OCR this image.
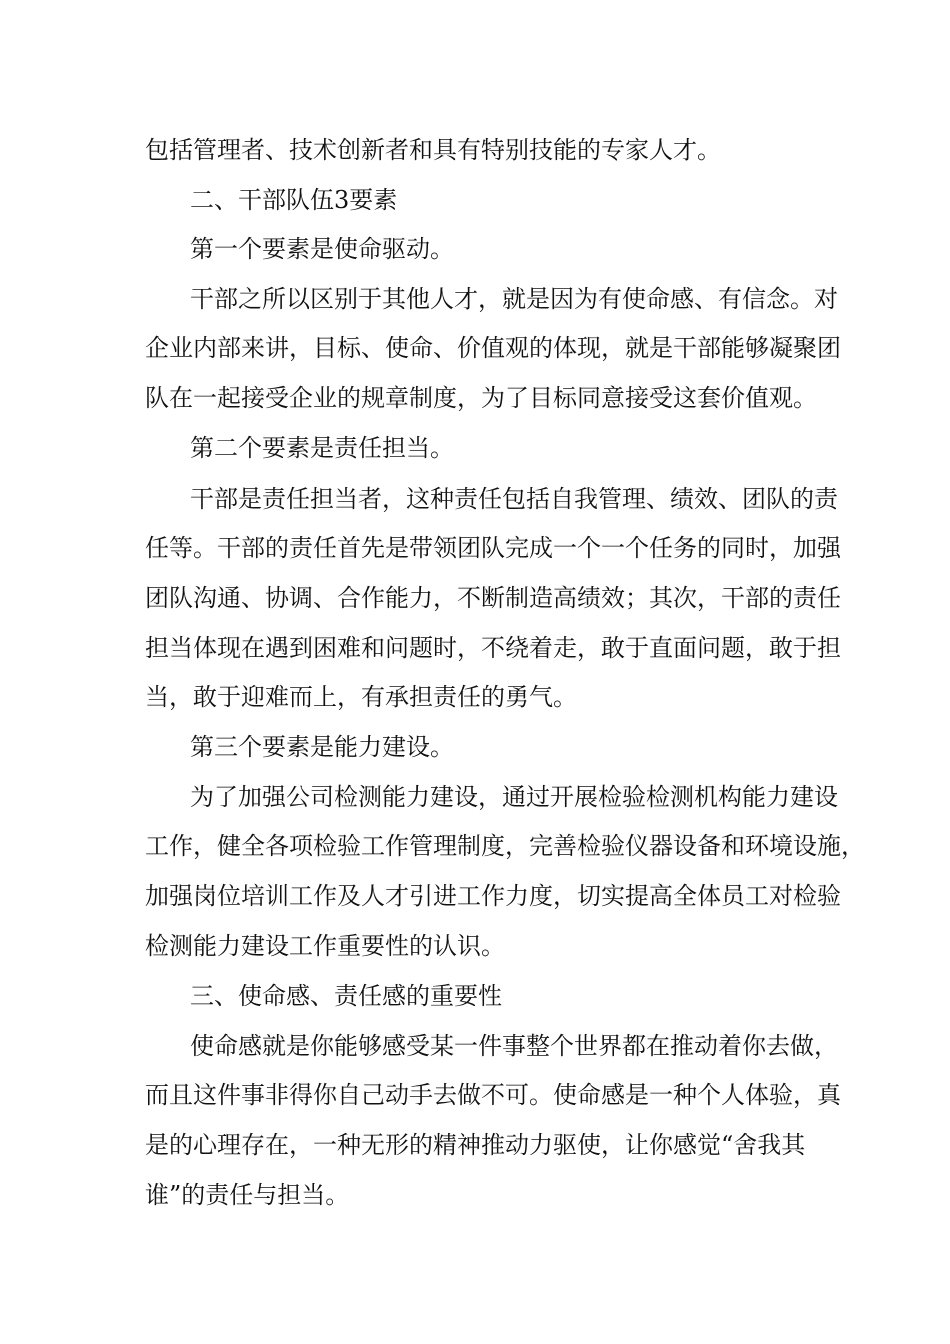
包括管理者、技术创新者和具有特别技能的专家人才。
二、干部队伍3要素
第一个要素是使命驱动。
干部之所以区别于其他人才，就是因为有使命感、有信念。对
企业内部来讲，目标、使命、价值观的体现，就是干部能够凝聚团
队在一起接受企业的规章制度，为了目标同意接受这套价值观。
第二个要素是责任担当。
干部是责任担当者，这种责任包括自我管理、绩效、团队的责
任等。干部的责任首先是带领团队完成一个一个任务的同时，加强
团队沟通、协调、合作能力，不断制造高绩效；其次，干部的责任
担当体现在遇到困难和问题时，不绕着走，敢于直面问题，敢于担
当，敢于迎难而上，有承担责任的勇气。
第三个要素是能力建设。
为了加强公司检测能力建设，通过开展检验检测机构能力建设
工作，健全各项检验工作管理制度，完善检验仪器设备和环境设施，
加强岗位培训工作及人才引进工作力度，切实提高全体员工对检验
检测能力建设工作重要性的认识。
三、使命感、责任感的重要性
使命感就是你能够感受某一件事整个世界都在推动着你去做，
而且这件事非得你自己动手去做不可。使命感是一种个人体验，真
是的心理存在，一种无形的精神推动力驱使，让你感觉“舍我其
谁”的责任与担当。
